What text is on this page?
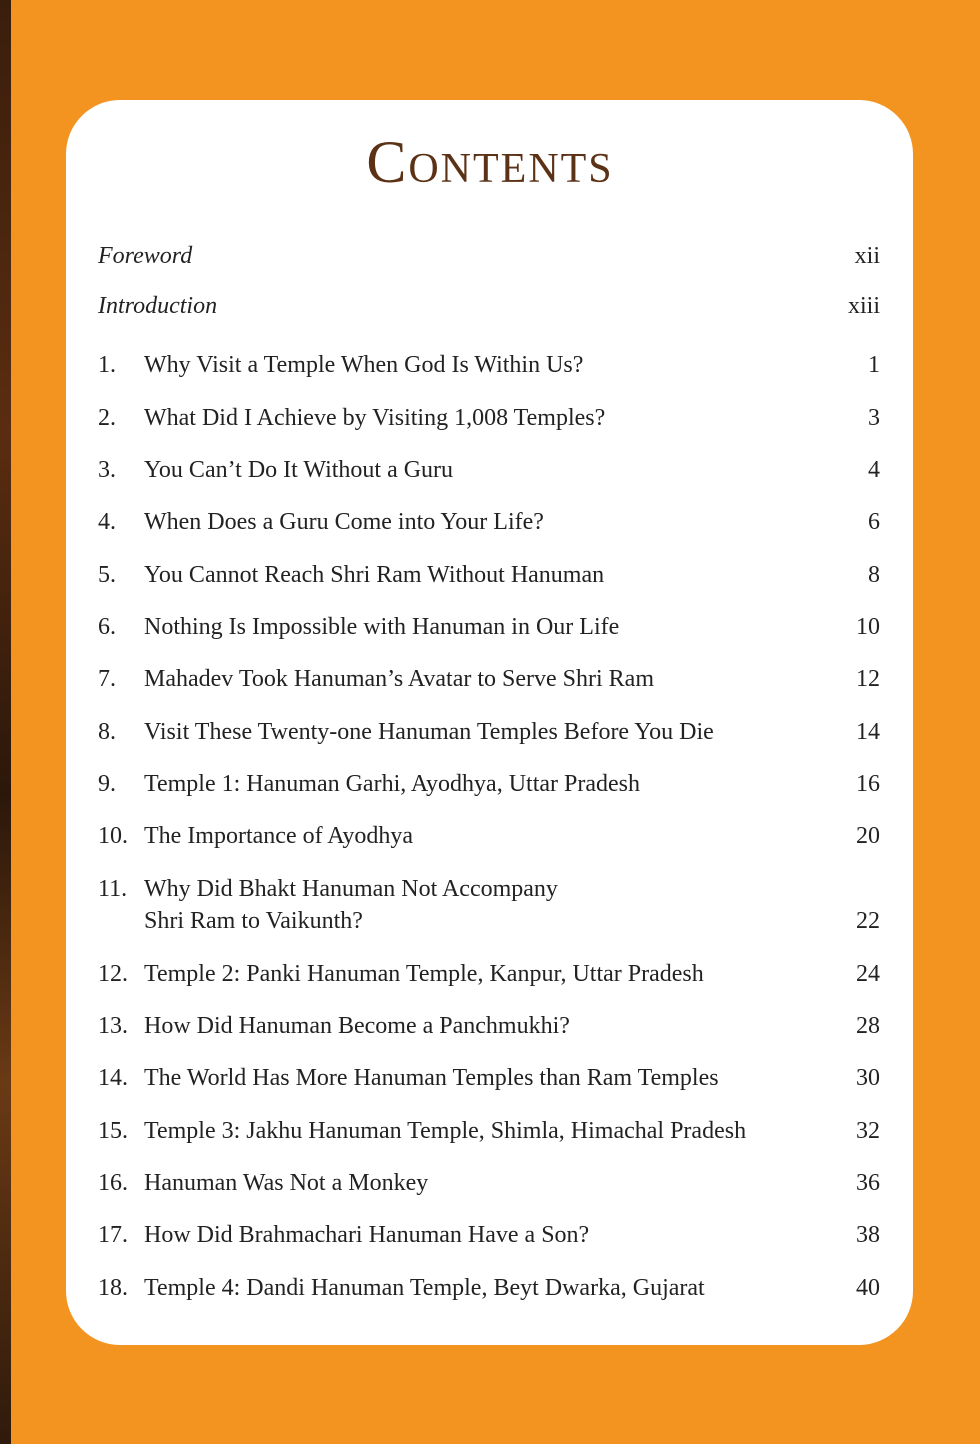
Contents
Foreword	xii
Introduction	xiii
1. Why Visit a Temple When God Is Within Us?	1
2. What Did I Achieve by Visiting 1,008 Temples?	3
3. You Can’t Do It Without a Guru	4
4. When Does a Guru Come into Your Life?	6
5. You Cannot Reach Shri Ram Without Hanuman	8
6. Nothing Is Impossible with Hanuman in Our Life	10
7. Mahadev Took Hanuman’s Avatar to Serve Shri Ram	12
8. Visit These Twenty-one Hanuman Temples Before You Die	14
9. Temple 1: Hanuman Garhi, Ayodhya, Uttar Pradesh	16
10. The Importance of Ayodhya	20
11. Why Did Bhakt Hanuman Not Accompany
Shri Ram to Vaikunth?	22
12. Temple 2: Panki Hanuman Temple, Kanpur, Uttar Pradesh	24
13. How Did Hanuman Become a Panchmukhi?	28
14. The World Has More Hanuman Temples than Ram Temples	30
15. Temple 3: Jakhu Hanuman Temple, Shimla, Himachal Pradesh	32
16. Hanuman Was Not a Monkey	36
17. How Did Brahmachari Hanuman Have a Son?	38
18. Temple 4: Dandi Hanuman Temple, Beyt Dwarka, Gujarat	40
